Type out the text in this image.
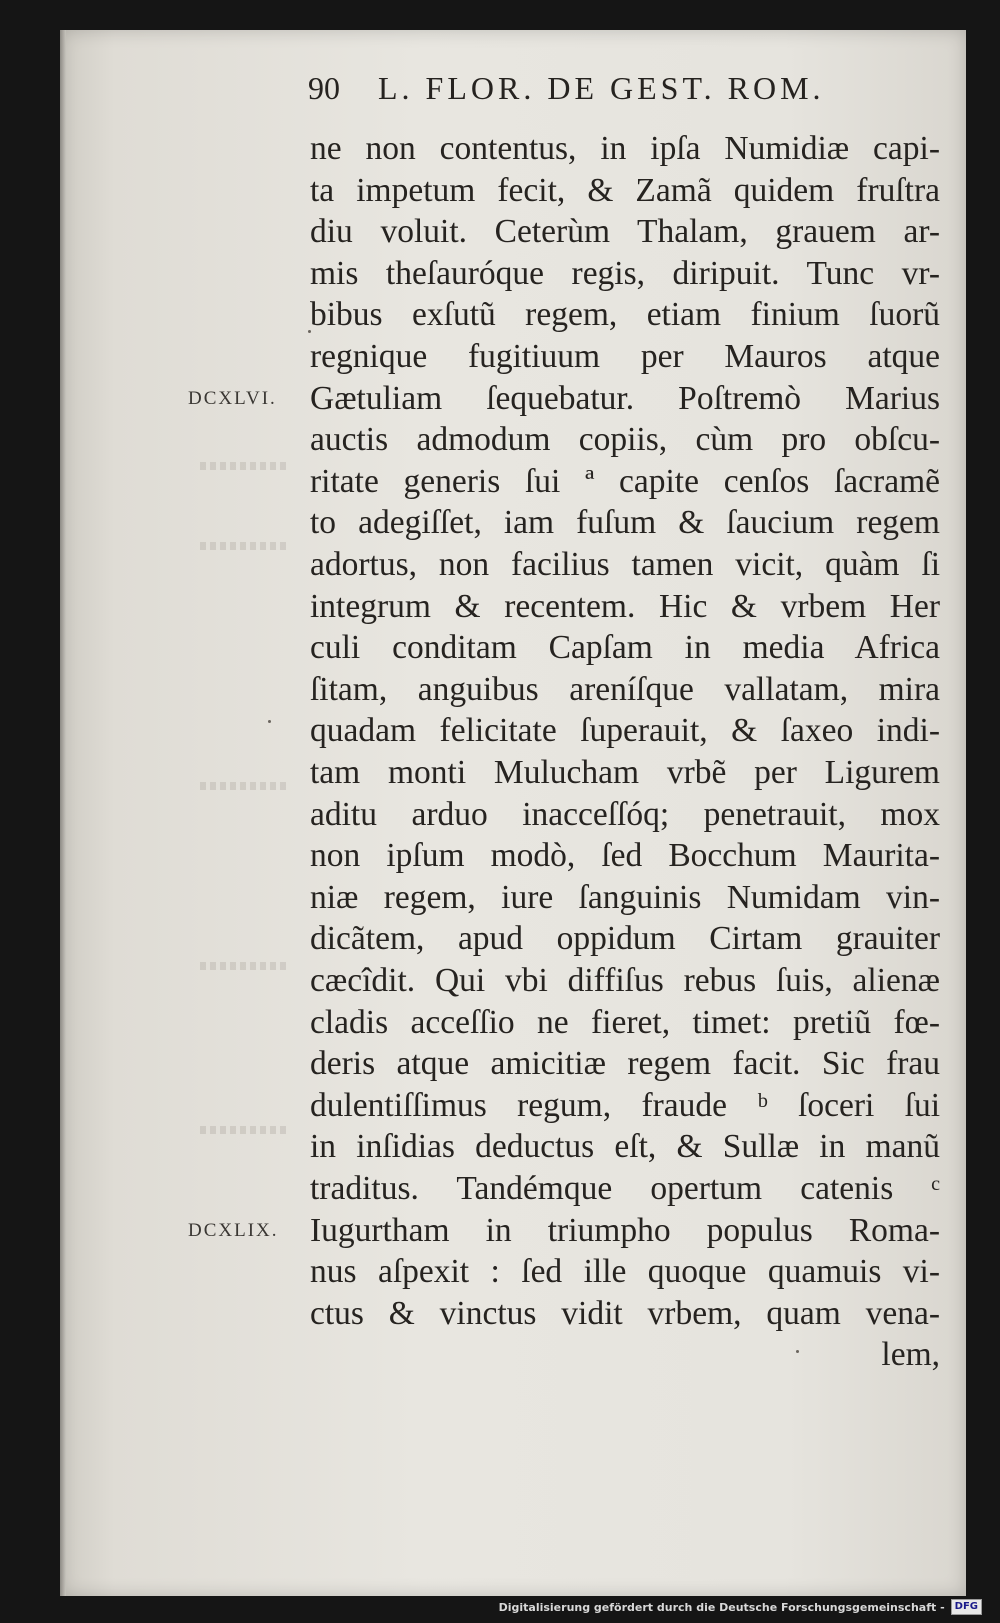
90 L. FLOR. DE GEST. ROM.
ne non contentus, in ipſa Numidiæ capi-
ta impetum fecit, & Zamã quidem fruſtra
diu voluit. Ceterùm Thalam, grauem ar-
mis theſauróque regis, diripuit. Tunc vr-
bibus exſutũ regem, etiam finium ſuorũ
regnique fugitiuum per Mauros atque
Gætuliam ſequebatur. Poſtremò Marius
auctis admodum copiis, cùm pro obſcu-
ritate generis ſui ª capite cenſos ſacramẽ
to adegiſſet, iam fuſum & ſaucium regem
adortus, non facilius tamen vicit, quàm ſi
integrum & recentem. Hic & vrbem Her
culi conditam Capſam in media Africa
ſitam, anguibus areníſque vallatam, mira
quadam felicitate ſuperauit, & ſaxeo indi-
tam monti Mulucham vrbẽ per Ligurem
aditu arduo inacceſſóq; penetrauit, mox
non ipſum modò, ſed Bocchum Maurita-
niæ regem, iure ſanguinis Numidam vin-
dicãtem, apud oppidum Cirtam grauiter
cæcîdit. Qui vbi diffiſus rebus ſuis, alienæ
cladis acceſſio ne fieret, timet: pretiũ fœ-
deris atque amicitiæ regem facit. Sic frau
dulentiſſimus regum, fraude ᵇ ſoceri ſui
in inſidias deductus eſt, & Sullæ in manũ
traditus. Tandémque opertum catenis ᶜ
Iugurtham in triumpho populus Roma-
nus aſpexit : ſed ille quoque quamuis vi-
ctus & vinctus vidit vrbem, quam vena-
lem,
DCXLVI.
DCXLIX.
Digitalisierung gefördert durch die Deutsche Forschungsgemeinschaft -	DFG
